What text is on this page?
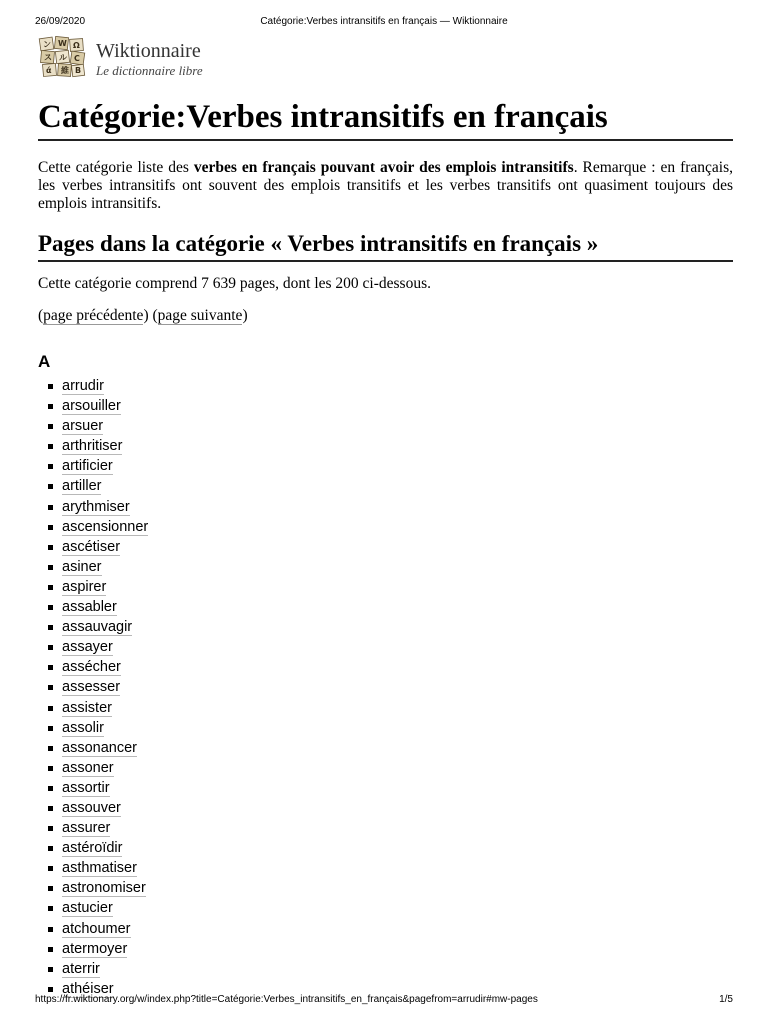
26/09/2020	Catégorie:Verbes intransitifs en français — Wiktionnaire
ン W Ω
ス ル C
ά 維 B
Wiktionnaire
Le dictionnaire libre
Catégorie:Verbes intransitifs en français

Cette catégorie liste des verbes en français pouvant avoir des emplois intransitifs. Remarque : en français, les verbes intransitifs ont souvent des emplois transitifs et les verbes transitifs ont quasiment toujours des emplois intransitifs.

Pages dans la catégorie « Verbes intransitifs en français »

Cette catégorie comprend 7 639 pages, dont les 200 ci-dessous.

(page précédente) (page suivante)

A
arrudir
arsouiller
arsuer
arthritiser
artificier
artiller
arythmiser
ascensionner
ascétiser
asiner
aspirer
assabler
assauvagir
assayer
assécher
assesser
assister
assolir
assonancer
assoner
assortir
assouver
assurer
astéroïdir
asthmatiser
astronomiser
astucier
atchoumer
atermoyer
aterrir
athéiser
https://fr.wiktionary.org/w/index.php?title=Catégorie:Verbes_intransitifs_en_français&pagefrom=arrudir#mw-pages	1/5
